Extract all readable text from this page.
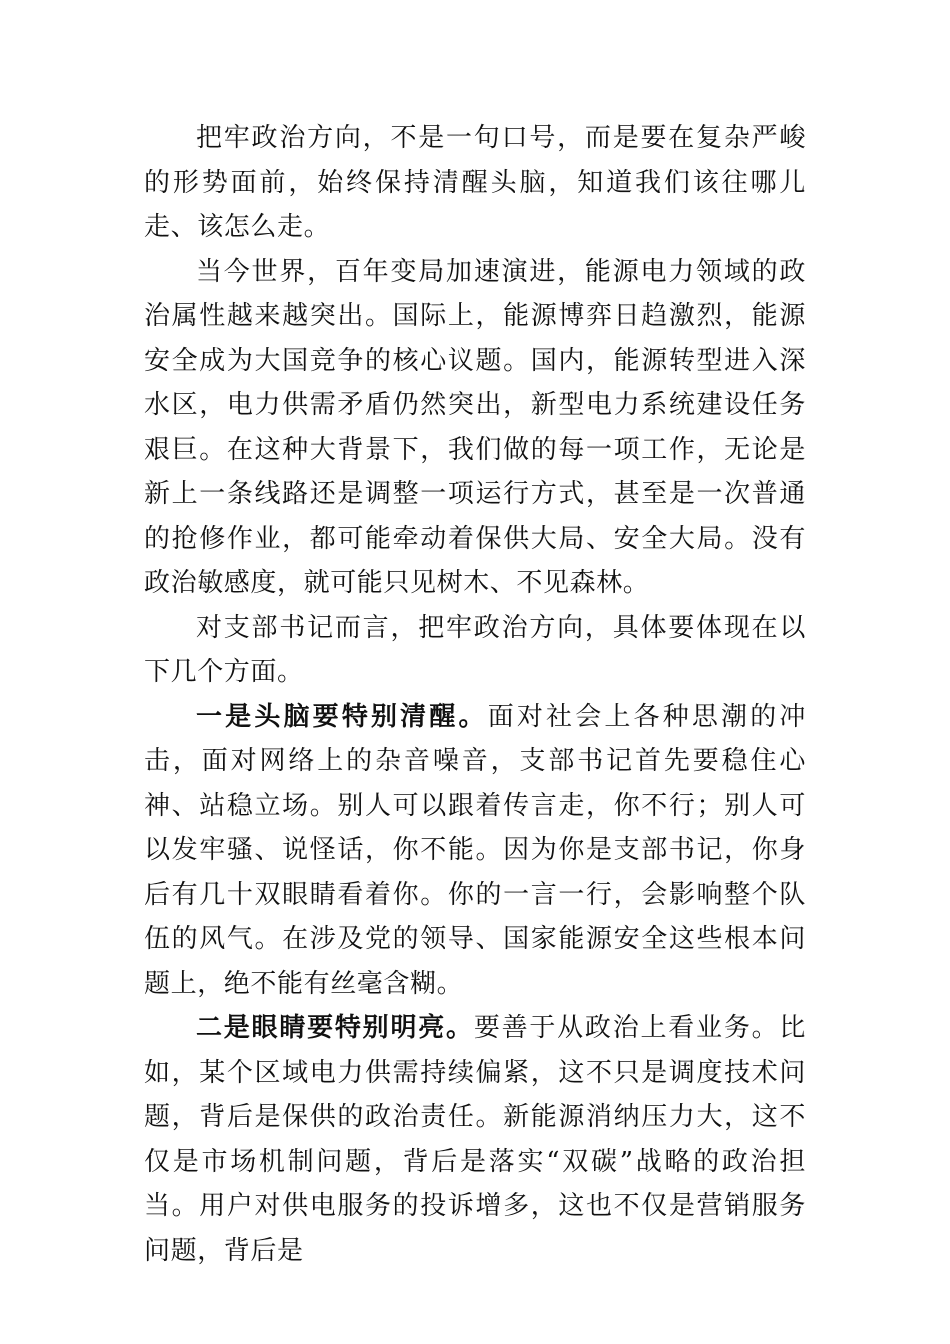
把牢政治方向，不是一句口号，而是要在复杂严峻的形势面前，始终保持清醒头脑，知道我们该往哪儿走、该怎么走。

当今世界，百年变局加速演进，能源电力领域的政治属性越来越突出。国际上，能源博弈日趋激烈，能源安全成为大国竞争的核心议题。国内，能源转型进入深水区，电力供需矛盾仍然突出，新型电力系统建设任务艰巨。在这种大背景下，我们做的每一项工作，无论是新上一条线路还是调整一项运行方式，甚至是一次普通的抢修作业，都可能牵动着保供大局、安全大局。没有政治敏感度，就可能只见树木、不见森林。

对支部书记而言，把牢政治方向，具体要体现在以下几个方面。

一是头脑要特别清醒。面对社会上各种思潮的冲击，面对网络上的杂音噪音，支部书记首先要稳住心神、站稳立场。别人可以跟着传言走，你不行；别人可以发牢骚、说怪话，你不能。因为你是支部书记，你身后有几十双眼睛看着你。你的一言一行，会影响整个队伍的风气。在涉及党的领导、国家能源安全这些根本问题上，绝不能有丝毫含糊。

二是眼睛要特别明亮。要善于从政治上看业务。比如，某个区域电力供需持续偏紧，这不只是调度技术问题，背后是保供的政治责任。新能源消纳压力大，这不仅是市场机制问题，背后是落实“双碳”战略的政治担当。用户对供电服务的投诉增多，这也不仅是营销服务问题，背后是
